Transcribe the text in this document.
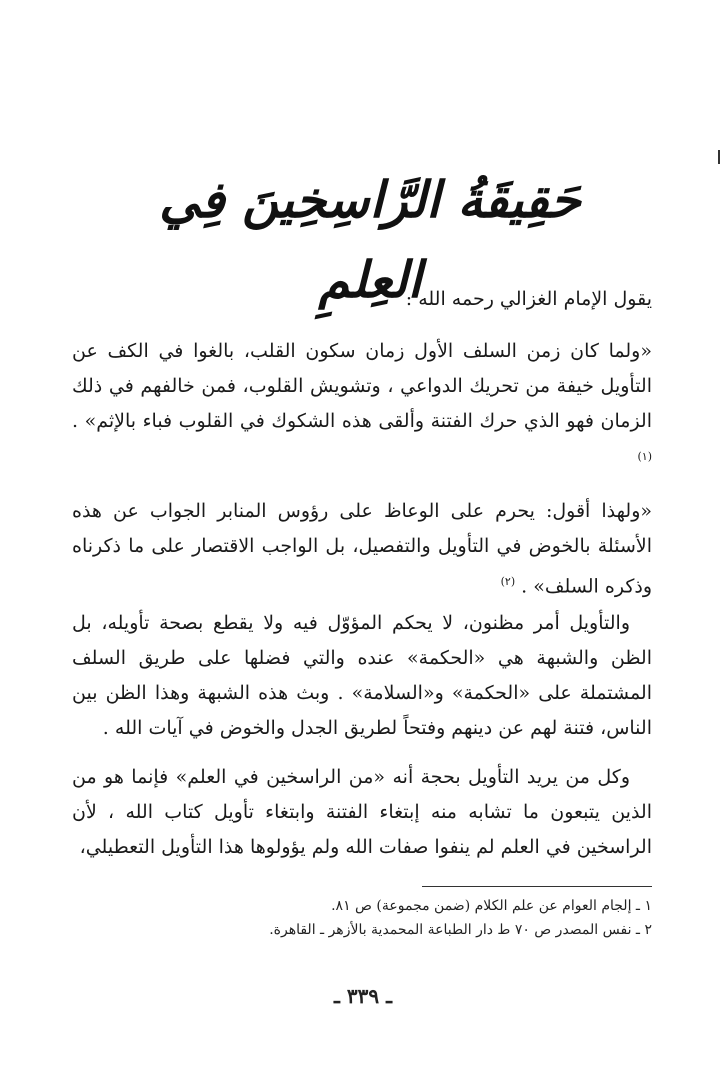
حَقِيقَةُ الرَّاسِخِينَ فِي العِلمِ

يقول الإمام الغزالي رحمه الله :

«ولما كان زمن السلف الأول زمان سكون القلب، بالغوا في الكف عن التأويل خيفة من تحريك الدواعي ، وتشويش القلوب، فمن خالفهم في ذلك الزمان فهو الذي حرك الفتنة وألقى هذه الشكوك في القلوب فباء بالإثم» . $^{(١)}$

«ولهذا أقول: يحرم على الوعاظ على رؤوس المنابر الجواب عن هذه الأسئلة بالخوض في التأويل والتفصيل، بل الواجب الاقتصار على ما ذكرناه وذكره السلف» . $^{(٢)}$

والتأويل أمر مظنون، لا يحكم المؤوّل فيه ولا يقطع بصحة تأويله، بل الظن والشبهة هي «الحكمة» عنده والتي فضلها على طريق السلف المشتملة على «الحكمة» و«السلامة» . وبث هذه الشبهة وهذا الظن بين الناس، فتنة لهم عن دينهم وفتحاً لطريق الجدل والخوض في آيات الله .

وكل من يريد التأويل بحجة أنه «من الراسخين في العلم» فإنما هو من الذين يتبعون ما تشابه منه إبتغاء الفتنة وابتغاء تأويل كتاب الله ، لأن الراسخين في العلم لم ينفوا صفات الله ولم يؤولوها هذا التأويل التعطيلي،

١ ـ إلجام العوام عن علم الكلام (ضمن مجموعة) ص ٨١.
٢ ـ نفس المصدر ص ٧٠ ط دار الطباعة المحمدية بالأزهر ـ القاهرة.
ـ ٣٣٩ ـ
